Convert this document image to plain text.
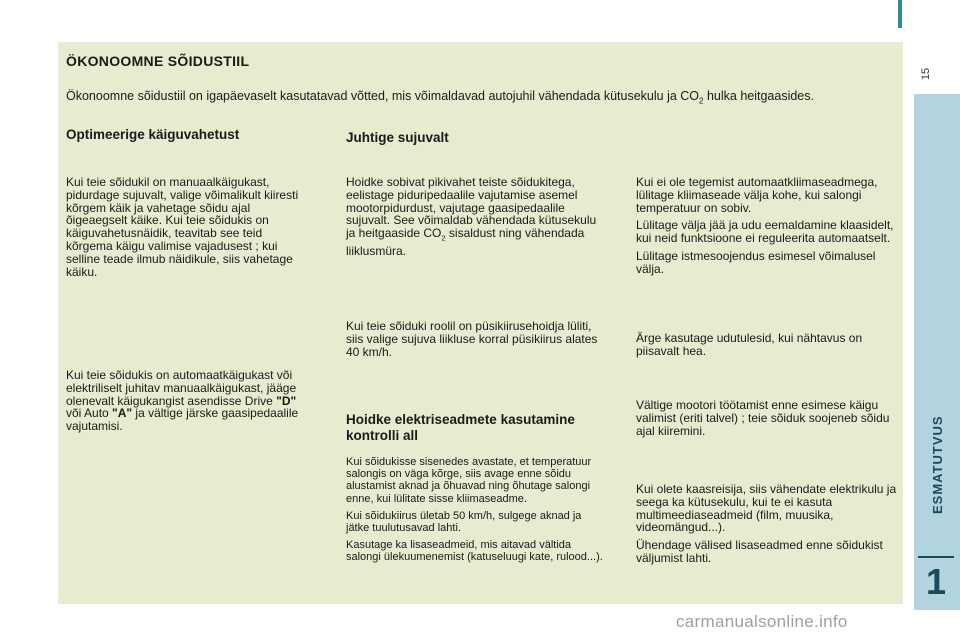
15
ESMATUTVUS
1
ÖKONOOMNE SÕIDUSTIIL
Ökonoomne sõidustiil on igapäevaselt kasutatavad võtted, mis võimaldavad autojuhil vähendada kütusekulu ja $CO_2$ hulka heitgaasides.
Optimeerige käiguvahetust
Kui teie sõidukil on manuaalkäigukast, pidurdage sujuvalt, valige võimalikult kiiresti kõrgem käik ja vahetage sõidu ajal õigeaegselt käike. Kui teie sõidukis on käiguvahetusnäidik, teavitab see teid kõrgema käigu valimise vajadusest ; kui selline teade ilmub näidikule, siis vahetage käiku.
Kui teie sõidukis on automaatkäigukast või elektriliselt juhitav manuaalkäigukast, jääge olenevalt käigukangist asendisse Drive "D" või Auto "A" ja vältige järske gaasipedaalile vajutamisi.
Juhtige sujuvalt
Hoidke sobivat pikivahet teiste sõidukitega, eelistage piduripedaalile vajutamise asemel mootorpidurdust, vajutage gaasipedaalile sujuvalt. See võimaldab vähendada kütusekulu ja heitgaaside $CO_2$ sisaldust ning vähendada liiklusmüra.
Kui teie sõiduki roolil on püsikiirusehoidja lüliti, siis valige sujuva liikluse korral püsikiirus alates 40 km/h.
Hoidke elektriseadmete kasutamine kontrolli all

Kui sõidukisse sisenedes avastate, et temperatuur salongis on väga kõrge, siis avage enne sõidu alustamist aknad ja õhuavad ning õhutage salongi enne, kui lülitate sisse kliimaseadme.

Kui sõidukiirus ületab 50 km/h, sulgege aknad ja jätke tuulutusavad lahti.

Kasutage ka lisaseadmeid, mis aitavad vältida salongi ülekuumenemist (katuseluugi kate, rulood...).

Kui ei ole tegemist automaatkliimaseadmega, lülitage kliimaseade välja kohe, kui salongi temperatuur on sobiv.

Lülitage välja jää ja udu eemaldamine klaasidelt, kui neid funktsioone ei reguleerita automaatselt.

Lülitage istmesoojendus esimesel võimalusel välja.

Ärge kasutage udutulesid, kui nähtavus on piisavalt hea.
Vältige mootori töötamist enne esimese käigu valimist (eriti talvel) ; teie sõiduk soojeneb sõidu ajal kiiremini.

Kui olete kaasreisija, siis vähendate elektrikulu ja seega ka kütusekulu, kui te ei kasuta multimeediaseadmeid (film, muusika, videomängud...).

Ühendage välised lisaseadmed enne sõidukist väljumist lahti.

carmanualsonline.info
